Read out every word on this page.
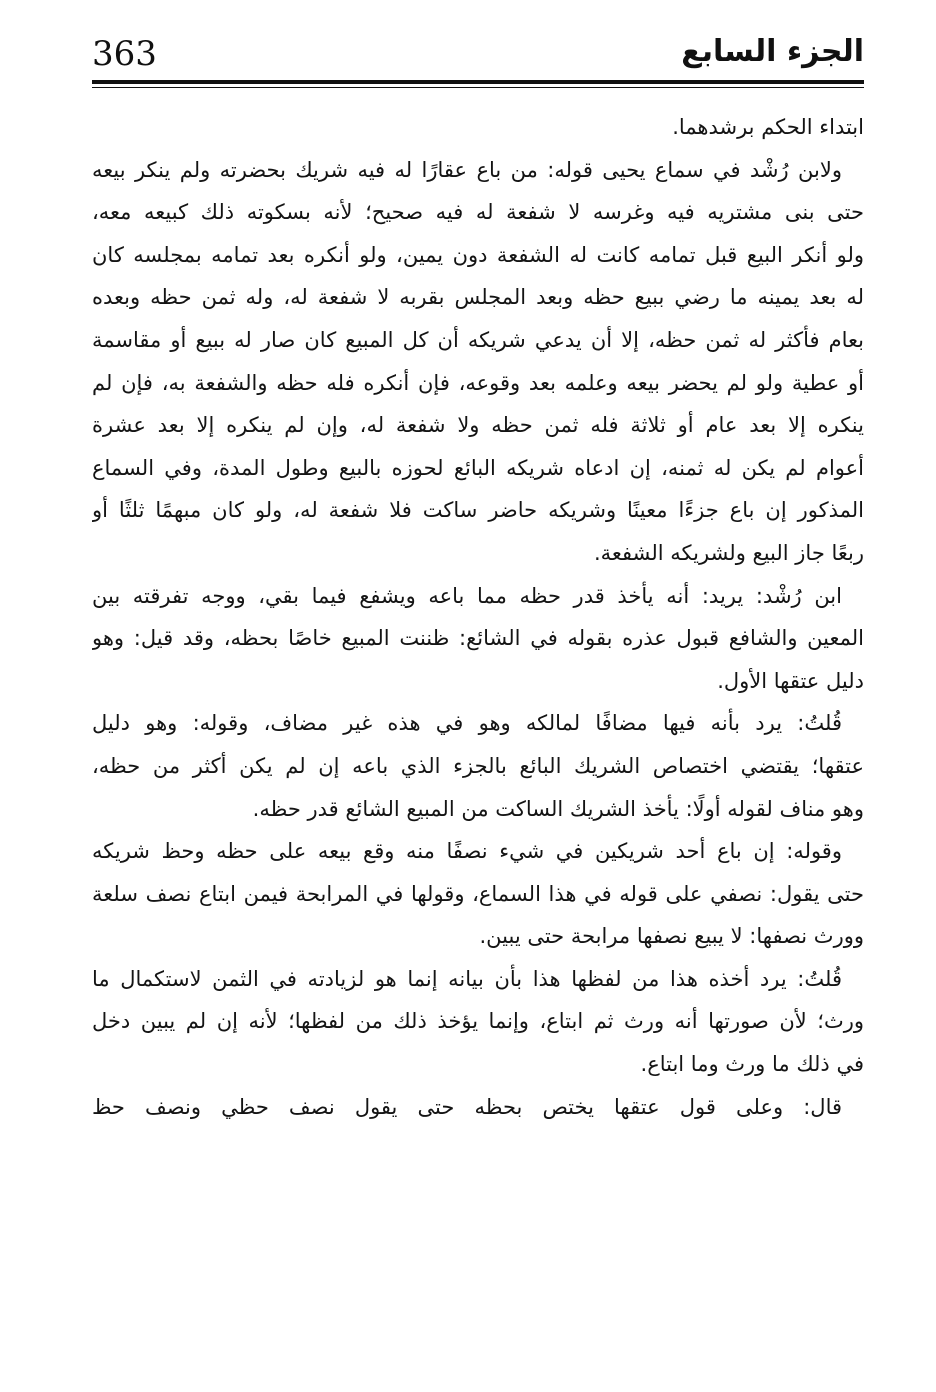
363	الجزء السابع
ابتداء الحكم برشدهما.
ولابن رُشْد في سماع يحيى قوله: من باع عقارًا له فيه شريك بحضرته ولم ينكر بيعه
حتى بنى مشتريه فيه وغرسه لا شفعة له فيه صحيح؛ لأنه بسكوته ذلك كبيعه معه،
ولو أنكر البيع قبل تمامه كانت له الشفعة دون يمين، ولو أنكره بعد تمامه بمجلسه كان
له بعد يمينه ما رضي ببيع حظه وبعد المجلس بقربه لا شفعة له، وله ثمن حظه وبعده
بعام فأكثر له ثمن حظه، إلا أن يدعي شريكه أن كل المبيع كان صار له ببيع أو مقاسمة
أو عطية ولو لم يحضر بيعه وعلمه بعد وقوعه، فإن أنكره فله حظه والشفعة به، فإن لم
ينكره إلا بعد عام أو ثلاثة فله ثمن حظه ولا شفعة له، وإن لم ينكره إلا بعد عشرة
أعوام لم يكن له ثمنه، إن ادعاه شريكه البائع لحوزه بالبيع وطول المدة، وفي السماع
المذكور إن باع جزءًا معينًا وشريكه حاضر ساكت فلا شفعة له، ولو كان مبهمًا ثلثًا أو
ربعًا جاز البيع ولشريكه الشفعة.
ابن رُشْد: يريد: أنه يأخذ قدر حظه مما باعه ويشفع فيما بقي، ووجه تفرقته بين
المعين والشافع قبول عذره بقوله في الشائع: ظننت المبيع خاصًا بحظه، وقد قيل: وهو
دليل عتقها الأول.
قُلتُ: يرد بأنه فيها مضافًا لمالكه وهو في هذه غير مضاف، وقوله: وهو دليل
عتقها؛ يقتضي اختصاص الشريك البائع بالجزء الذي باعه إن لم يكن أكثر من حظه،
وهو مناف لقوله أولًا: يأخذ الشريك الساكت من المبيع الشائع قدر حظه.
وقوله: إن باع أحد شريكين في شيء نصفًا منه وقع بيعه على حظه وحظ شريكه
حتى يقول: نصفي على قوله في هذا السماع، وقولها في المرابحة فيمن ابتاع نصف سلعة
وورث نصفها: لا يبيع نصفها مرابحة حتى يبين.
قُلتُ: يرد أخذه هذا من لفظها هذا بأن بيانه إنما هو لزيادته في الثمن لاستكمال ما
ورث؛ لأن صورتها أنه ورث ثم ابتاع، وإنما يؤخذ ذلك من لفظها؛ لأنه إن لم يبين دخل
في ذلك ما ورث وما ابتاع.
قال: وعلى قول عتقها يختص بحظه حتى يقول نصف حظي ونصف حظ
